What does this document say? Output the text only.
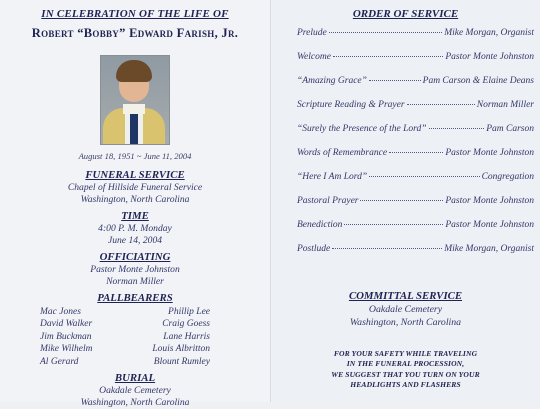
IN CELEBRATION OF THE LIFE OF
Robert “Bobby” Edward Farish, Jr.
August 18, 1951 ~ June 11, 2004
FUNERAL SERVICE
Chapel of Hillside Funeral Service
Washington, North Carolina
TIME
4:00 P. M. Monday
June 14, 2004
OFFICIATING
Pastor Monte Johnston
Norman Miller
PALLBEARERS
Mac Jones
David Walker
Jim Buckman
Mike Wilhelm
Al Gerard
Phillip Lee
Craig Goess
Lane Harris
Louis Albritton
Blount Rumley
BURIAL
Oakdale Cemetery
Washington, North Carolina
ORDER OF SERVICE
Prelude	Mike Morgan, Organist
Welcome	Pastor Monte Johnston
“Amazing Grace”	Pam Carson & Elaine Deans
Scripture Reading & Prayer	Norman Miller
“Surely the Presence of the Lord”	Pam Carson
Words of Remembrance	Pastor Monte Johnston
“Here I Am Lord”	Congregation
Pastoral Prayer	Pastor Monte Johnston
Benediction	Pastor Monte Johnston
Postlude	Mike Morgan, Organist
COMMITTAL SERVICE
Oakdale Cemetery
Washington, North Carolina
FOR YOUR SAFETY WHILE TRAVELING
IN THE FUNERAL PROCESSION,
WE SUGGEST THAT YOU TURN ON YOUR
HEADLIGHTS AND FLASHERS
